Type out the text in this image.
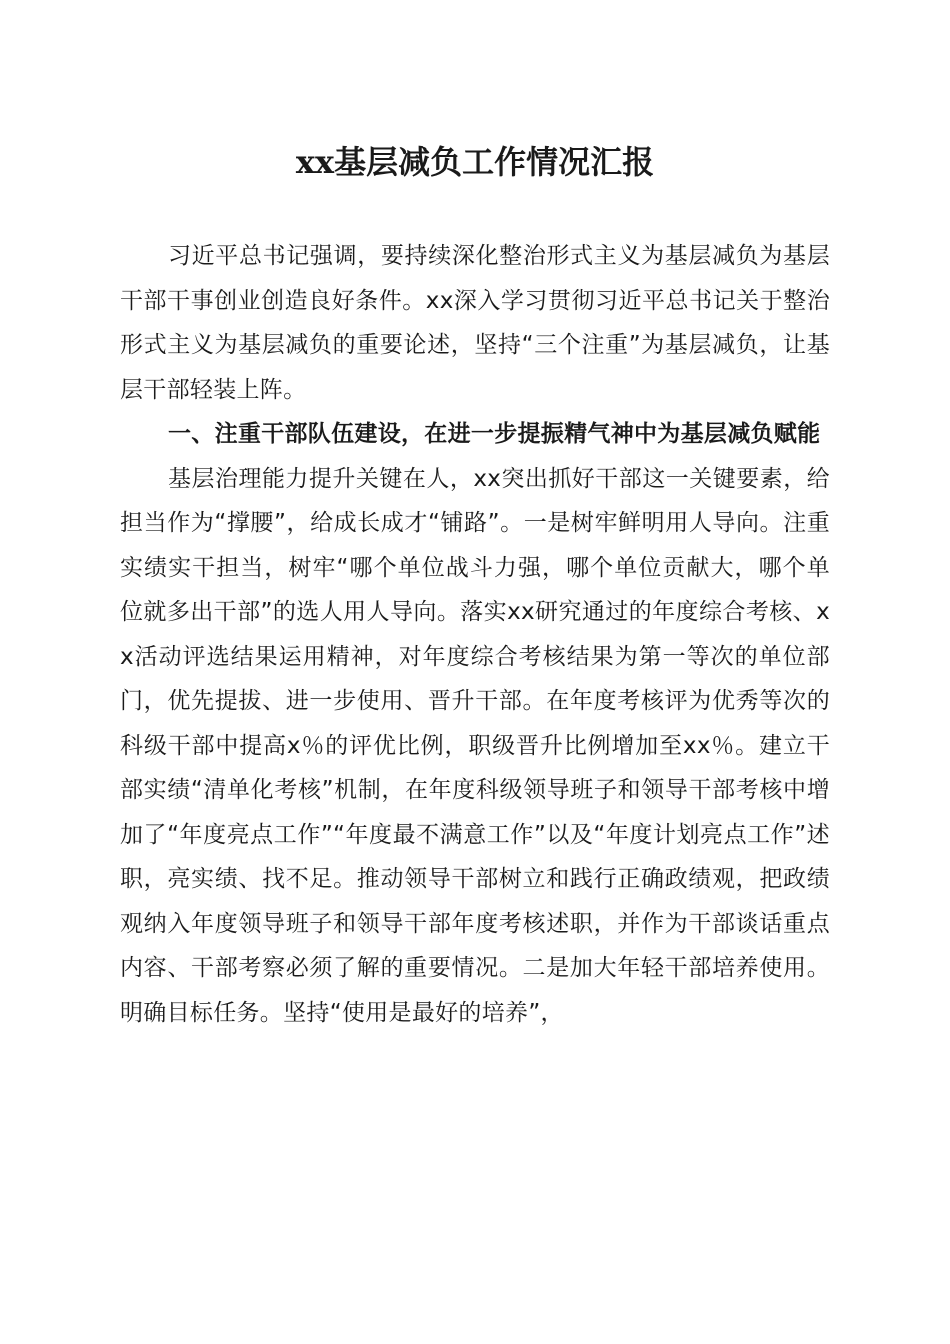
xx基层减负工作情况汇报

习近平总书记强调，要持续深化整治形式主义为基层减负为基层干部干事创业创造良好条件。xx深入学习贯彻习近平总书记关于整治形式主义为基层减负的重要论述，坚持“三个注重”为基层减负，让基层干部轻装上阵。

一、注重干部队伍建设，在进一步提振精气神中为基层减负赋能

基层治理能力提升关键在人，xx突出抓好干部这一关键要素，给担当作为“撑腰”，给成长成才“铺路”。一是树牢鲜明用人导向。注重实绩实干担当，树牢“哪个单位战斗力强，哪个单位贡献大，哪个单位就多出干部”的选人用人导向。落实xx研究通过的年度综合考核、xx活动评选结果运用精神，对年度综合考核结果为第一等次的单位部门，优先提拔、进一步使用、晋升干部。在年度考核评为优秀等次的科级干部中提高x％的评优比例，职级晋升比例增加至xx％。建立干部实绩“清单化考核”机制，在年度科级领导班子和领导干部考核中增加了“年度亮点工作”“年度最不满意工作”以及“年度计划亮点工作”述职，亮实绩、找不足。推动领导干部树立和践行正确政绩观，把政绩观纳入年度领导班子和领导干部年度考核述职，并作为干部谈话重点内容、干部考察必须了解的重要情况。二是加大年轻干部培养使用。明确目标任务。坚持“使用是最好的培养”，
